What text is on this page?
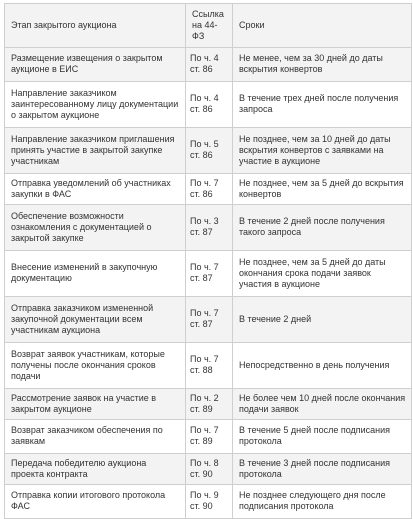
Этап закрытого аукциона	Ссылка на 44-ФЗ	Сроки
Размещение извещения о закрытом аукционе в ЕИС	По ч. 4 ст. 86	Не менее, чем за 30 дней до даты вскрытия конвертов
Направление заказчиком заинтересованному лицу документации о закрытом аукционе	По ч. 4 ст. 86	В течение трех дней после получения запроса
Направление заказчиком приглашения принять участие в закрытой закупке участникам	По ч. 5 ст. 86	Не позднее, чем за 10 дней до даты вскрытия конвертов с заявками на участие в аукционе
Отправка уведомлений об участниках закупки в ФАС	По ч. 7 ст. 86	Не позднее, чем за 5 дней до вскрытия конвертов
Обеспечение возможности ознакомления с документацией о закрытой закупке	По ч. 3 ст. 87	В течение 2 дней после получения такого запроса
Внесение изменений в закупочную документацию	По ч. 7 ст. 87	Не позднее, чем за 5 дней до даты окончания срока подачи заявок участия в аукционе
Отправка заказчиком измененной закупочной документации всем участникам аукциона	По ч. 7 ст. 87	В течение 2 дней
Возврат заявок участникам, которые получены после окончания сроков подачи	По ч. 7 ст. 88	Непосредственно в день получения
Рассмотрение заявок на участие в закрытом аукционе	По ч. 2 ст. 89	Не более чем 10 дней после окончания подачи заявок
Возврат заказчиком обеспечения по заявкам	По ч. 7 ст. 89	В течение 5 дней после подписания протокола
Передача победителю аукциона проекта контракта	По ч. 8 ст. 90	В течение 3 дней после подписания протокола
Отправка копии итогового протокола ФАС	По ч. 9 ст. 90	Не позднее следующего дня после подписания протокола
